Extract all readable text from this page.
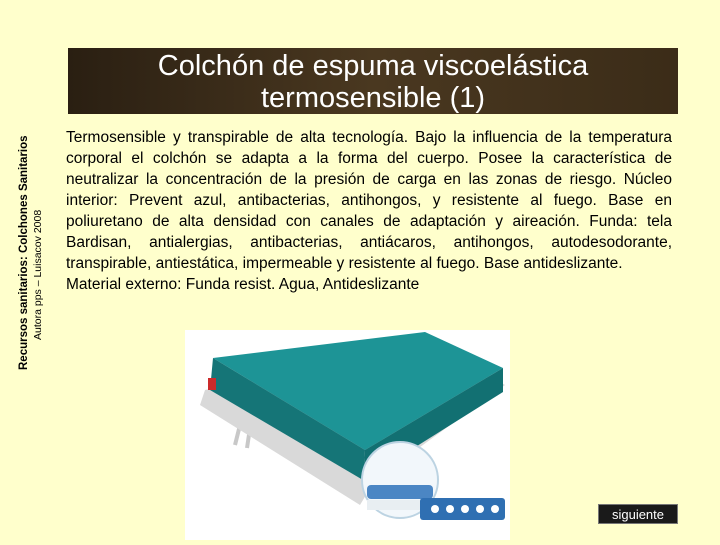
Recursos sanitarios: Colchones Sanitarios Autora pps – Luisacov 2008
Colchón de espuma viscoelástica
termosensible (1)

Termosensible y transpirable de alta tecnología. Bajo la influencia de la temperatura corporal el colchón se adapta a la forma del cuerpo. Posee la característica de neutralizar la concentración de la presión de carga en las zonas de riesgo. Núcleo interior: Prevent azul, antibacterias, antihongos, y resistente al fuego. Base en poliuretano de alta densidad con canales de adaptación y aireación. Funda: tela Bardisan, antialergias, antibacterias, antiácaros, antihongos, autodesodorante, transpirable, antiestática, impermeable y resistente al fuego. Base antideslizante.

Material externo: Funda resist. Agua, Antideslizante

siguiente
